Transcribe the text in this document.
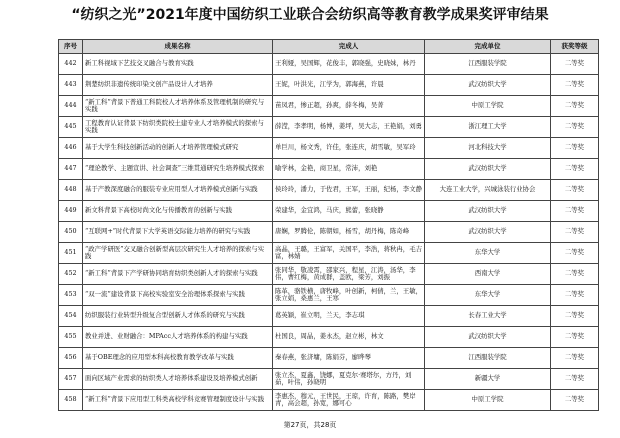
“纺织之光”2021年度中国纺织工业联合会纺织高等教育教学成果奖评审结果
序号	成果名称	完成人	完成单位	获奖等级
442	新工科视域下艺技交叉融合与教育实践	王利娅，吴国辉，花俊丰，郭晓强，史晓妹，林丹	江西服装学院	二等奖
443	荆楚纺织非遗传统印染文创产品设计人才培养	王妮，叶洪光，江学为，郭海燕，许晨	武汉纺织大学	二等奖
444	“新工科”背景下普通工科院校人才培养体系及管理机制的研究与实践	苗凤君，惨正超，孙爽，薛冬梅，吴菁	中原工学院	二等奖
445	工程教育认证背景下纺织类院校土建专业人才培养模式的探索与实践	薛滢，李孝明，杨博，姜坪，吴大志，王艳娟，刘勇	浙江理工大学	二等奖
446	基于大学生科技创新活动的创新人才培养管理模式研究	单巨川，杨文秀，许佳，张连庆，胡雪敏，吴军玲	河北科技大学	二等奖
447	“理论教学、主题宣讲、社会调查”三维贯通研究生培养模式探索	喻学林，金艳，商卫星，常沛，刘艳	武汉纺织大学	二等奖
448	基于产教深度融合的服装专业应用型人才培养模式创新与实践	侯玲玲，潘力，于佐君，王军，王丽，纪杨，李文静	大连工业大学，兴城泳装行业协会	二等奖
449	新文科背景下高校时尚文化与传播教育的创新与实践	荣建华，金宜鸿，马庆，熊蕾，张晓静	武汉纺织大学	二等奖
450	“互联网+”时代背景下大学英语交际能力培养的研究与实践	唐娴，罗腾伦，陈朝如，杨雪，胡丹梅，陈奇峰	武汉纺织大学	二等奖
451	“政产学研医”交叉融合创新型高层次研究生人才培养的探索与实践	高晶，王璐，王富军，关国平，李浩，蒋秋冉，毛吉富，林婧	东华大学	二等奖
452	“新工科”背景下产学研协同培育纺织类创新人才的探索与实践	张同华，敬凌霄，邵家兴，程星，江涛，汤华，李伟，曹红梅，黄成群，盖欧，梁芳，刘振	西南大学	二等奖
453	“双一流”建设背景下高校实验室安全治理体系探索与实践	陈革，骆铁横，唐牧峰，叶创新，柯倩，兰，王敏，张立娟，桑惠兰，王寒	东华大学	二等奖
454	纺织服装行业转型升级复合型创新人才体系的研究与实践	葛英颖，崔立明，兰天，李志琪	长春工业大学	二等奖
455	教业并进、业财融合：MPAcc人才培养体系的构建与实践	杜国良，周晶，姜永杰，赵立彬，林文	武汉纺织大学	二等奖
456	基于OBE理念的应用型本科高校教育教学改革与实践	秦春燕，张济墉，陈娟芬，廖晔琴	江西服装学院	二等奖
457	面向区域产业需求的纺织类人才培养体系建设及培养模式创新	张立杰，夏鑫，饶娜，夏克尔·赛塔尔，方丹，刘茹，叶伟，孙晓明	新疆大学	二等奖
458	“新工科”背景下应用型工科类高校学科竞赛管理制度设计与实践	李惠杰，穆元，王世民，王琼，许育，陈路，樊岸青，高会超，孙宽，娜可心	中原工学院	二等奖
第27页，共28页
